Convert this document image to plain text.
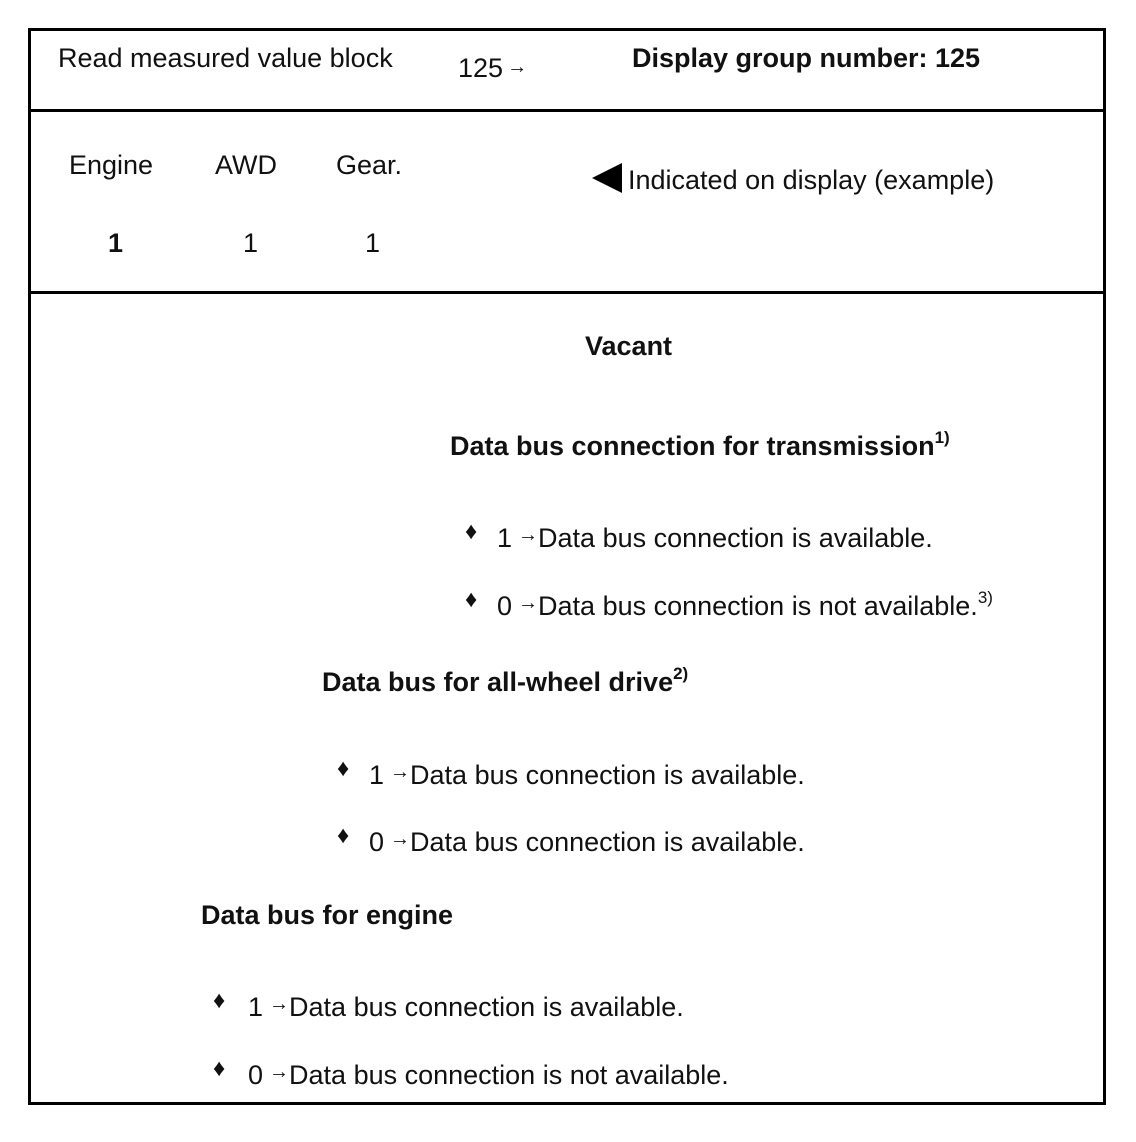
Read measured value block 125 →	Display group number: 125
Engine AWD Gear.
1	1	1
Indicated on display (example)
Vacant
Data bus connection for transmission$^{1)}$
♦ 1 →Data bus connection is available.
♦ 0 →Data bus connection is not available.$^{3)}$
Data bus for all-wheel drive$^{2)}$
♦ 1 →Data bus connection is available.
♦ 0 →Data bus connection is available.
Data bus for engine
♦ 1 →Data bus connection is available.
♦ 0 →Data bus connection is not available.
